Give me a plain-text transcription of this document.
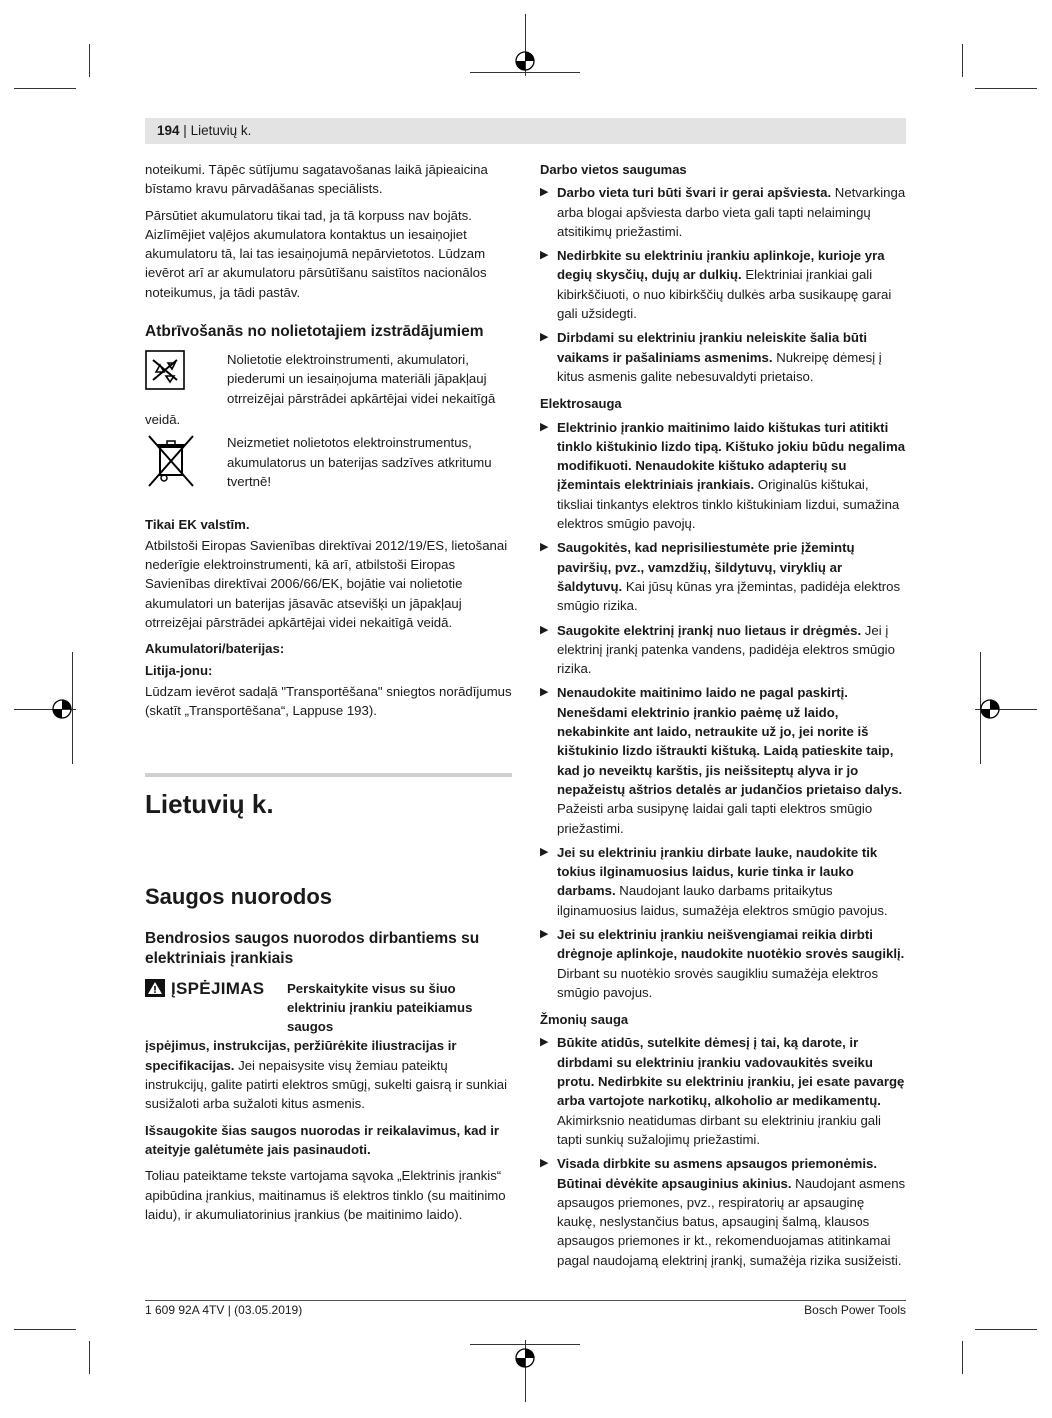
194 | Lietuvių k.

noteikumi. Tāpēc sūtījumu sagatavošanas laikā jāpieaicina bīstamo kravu pārvadāšanas speciālists.

Pārsūtiet akumulatoru tikai tad, ja tā korpuss nav bojāts. Aizlīmējiet vaļējos akumulatora kontaktus un iesaiņojiet akumulatoru tā, lai tas iesaiņojumā nepārvietotos. Lūdzam ievērot arī ar akumulatoru pārsūtīšanu saistītos nacionālos noteikumus, ja tādi pastāv.

Atbrīvošanās no nolietotajiem izstrādājumiem
Nolietotie elektroinstrumenti, akumulatori, piederumi un iesaiņojuma materiāli jāpakļauj otrreizējai pārstrādei apkārtējai videi nekaitīgā

veidā.

Neizmetiet nolietotos elektroinstrumentus, akumulatorus un baterijas sadzīves atkritumu tvertnē!

Tikai EK valstīm.

Atbilstoši Eiropas Savienības direktīvai 2012/19/ES, lietošanai nederīgie elektroinstrumenti, kā arī, atbilstoši Eiropas Savienības direktīvai 2006/66/EK, bojātie vai nolietotie akumulatori un baterijas jāsavāc atsevišķi un jāpakļauj otrreizējai pārstrādei apkārtējai videi nekaitīgā veidā.

Akumulatori/baterijas:

Litija-jonu:

Lūdzam ievērot sadaļā "Transportēšana" sniegtos norādījumus (skatīt „Transportēšana“, Lappuse 193).

Lietuvių k.
Saugos nuorodos
Bendrosios saugos nuorodos dirbantiems su elektriniais įrankiais
ĮSPĖJIMAS Perskaitykite visus su šiuo elektriniu įrankiu pateikiamus saugos

įspėjimus, instrukcijas, peržiūrėkite iliustracijas ir specifikacijas. Jei nepaisysite visų žemiau pateiktų instrukcijų, galite patirti elektros smūgį, sukelti gaisrą ir sunkiai susižaloti arba sužaloti kitus asmenis.

Išsaugokite šias saugos nuorodas ir reikalavimus, kad ir ateityje galėtumėte jais pasinaudoti.

Toliau pateiktame tekste vartojama sąvoka „Elektrinis įrankis“ apibūdina įrankius, maitinamus iš elektros tinklo (su maitinimo laidu), ir akumuliatorinius įrankius (be maitinimo laido).

Darbo vietos saugumas

▶ Darbo vieta turi būti švari ir gerai apšviesta. Netvarkinga arba blogai apšviesta darbo vieta gali tapti nelaimingų atsitikimų priežastimi.
▶ Nedirbkite su elektriniu įrankiu aplinkoje, kurioje yra degių skysčių, dujų ar dulkių. Elektriniai įrankiai gali kibirkščiuoti, o nuo kibirkščių dulkės arba susikaupę garai gali užsidegti.
▶ Dirbdami su elektriniu įrankiu neleiskite šalia būti vaikams ir pašaliniams asmenims. Nukreipę dėmesį į kitus asmenis galite nebesuvaldyti prietaiso.

Elektrosauga

▶ Elektrinio įrankio maitinimo laido kištukas turi atitikti tinklo kištukinio lizdo tipą. Kištuko jokiu būdu negalima modifikuoti. Nenaudokite kištuko adapterių su įžemintais elektriniais įrankiais. Originalūs kištukai, tiksliai tinkantys elektros tinklo kištukiniam lizdui, sumažina elektros smūgio pavojų.
▶ Saugokitės, kad neprisiliestumėte prie įžemintų paviršių, pvz., vamzdžių, šildytuvų, viryklių ar šaldytuvų. Kai jūsų kūnas yra įžemintas, padidėja elektros smūgio rizika.
▶ Saugokite elektrinį įrankį nuo lietaus ir drėgmės. Jei į elektrinį įrankį patenka vandens, padidėja elektros smūgio rizika.
▶ Nenaudokite maitinimo laido ne pagal paskirtį. Nenešdami elektrinio įrankio paėmę už laido, nekabinkite ant laido, netraukite už jo, jei norite iš kištukinio lizdo ištraukti kištuką. Laidą patieskite taip, kad jo neveiktų karštis, jis neišsiteptų alyva ir jo nepažeistų aštrios detalės ar judančios prietaiso dalys. Pažeisti arba susipynę laidai gali tapti elektros smūgio priežastimi.
▶ Jei su elektriniu įrankiu dirbate lauke, naudokite tik tokius ilginamuosius laidus, kurie tinka ir lauko darbams. Naudojant lauko darbams pritaikytus ilginamuosius laidus, sumažėja elektros smūgio pavojus.
▶ Jei su elektriniu įrankiu neišvengiamai reikia dirbti drėgnoje aplinkoje, naudokite nuotėkio srovės saugiklį. Dirbant su nuotėkio srovės saugikliu sumažėja elektros smūgio pavojus.

Žmonių sauga

▶ Būkite atidūs, sutelkite dėmesį į tai, ką darote, ir dirbdami su elektriniu įrankiu vadovaukitės sveiku protu. Nedirbkite su elektriniu įrankiu, jei esate pavargę arba vartojote narkotikų, alkoholio ar medikamentų. Akimirksnio neatidumas dirbant su elektriniu įrankiu gali tapti sunkių sužalojimų priežastimi.
▶ Visada dirbkite su asmens apsaugos priemonėmis. Būtinai dėvėkite apsauginius akinius. Naudojant asmens apsaugos priemones, pvz., respiratorių ar apsauginę kaukę, neslystančius batus, apsauginį šalmą, klausos apsaugos priemones ir kt., rekomenduojamas atitinkamai pagal naudojamą elektrinį įrankį, sumažėja rizika susižeisti.
1 609 92A 4TV | (03.05.2019)	Bosch Power Tools
